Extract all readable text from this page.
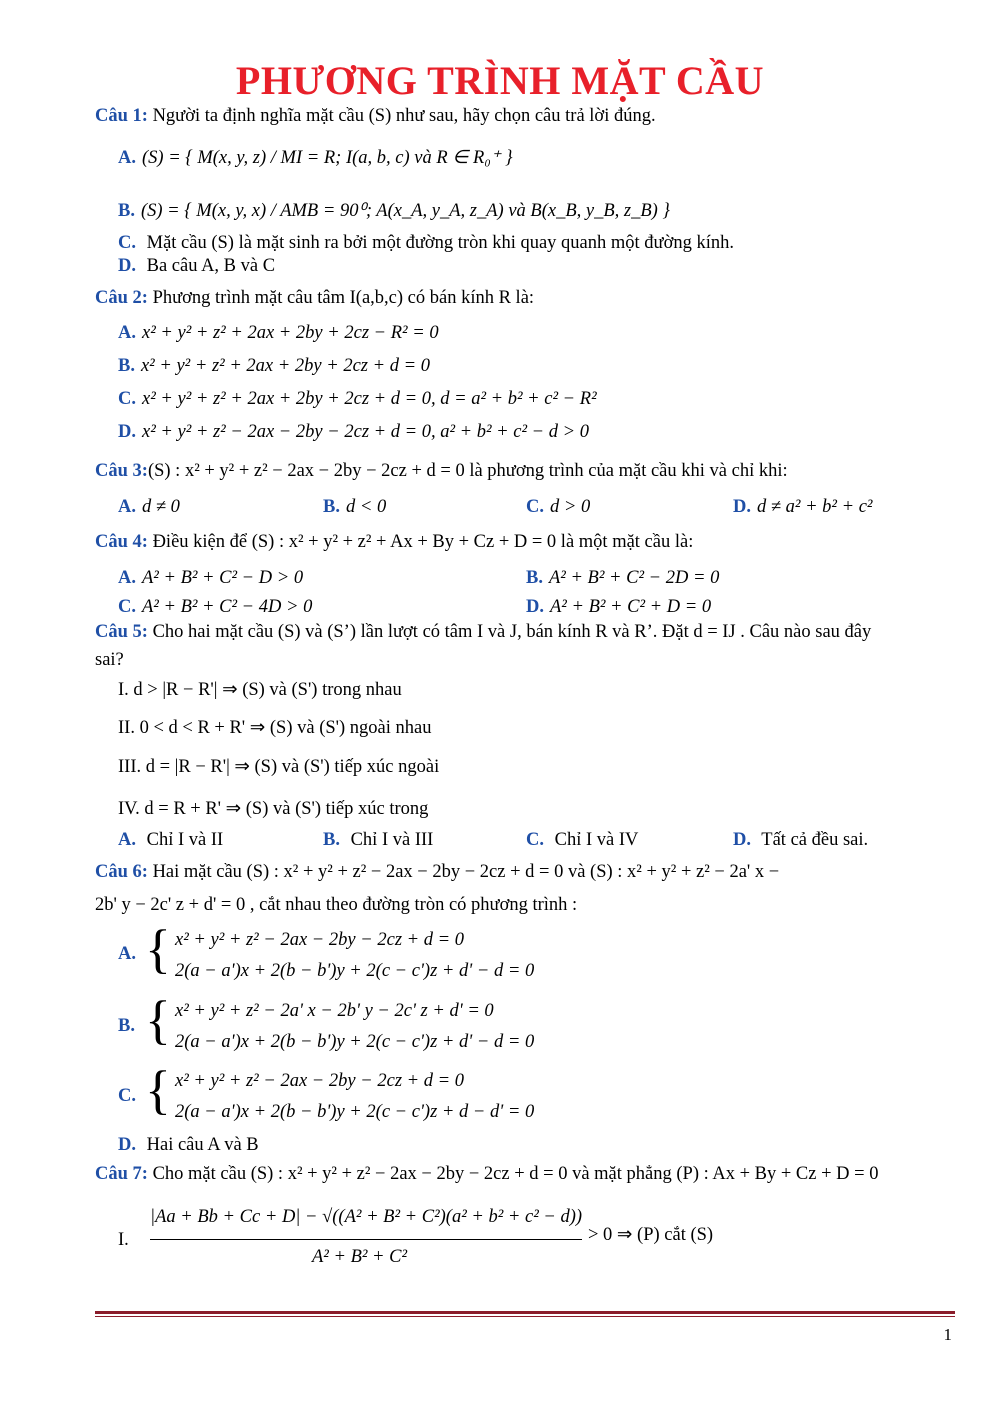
PHƯƠNG TRÌNH MẶT CẦU
Câu 1: Người ta định nghĩa mặt cầu (S) như sau, hãy chọn câu trả lời đúng.
A. (S) = { M(x, y, z) / MI = R; I(a, b, c) và R ∈ R₀⁺ }
B. (S) = { M(x, y, x) / AMB = 90⁰; A(x_A, y_A, z_A) và B(x_B, y_B, z_B) }
C. Mặt cầu (S) là mặt sinh ra bởi một đường tròn khi quay quanh một đường kính.
D. Ba câu A, B và C
Câu 2: Phương trình mặt câu tâm I(a,b,c) có bán kính R là:
A. x² + y² + z² + 2ax + 2by + 2cz − R² = 0
B. x² + y² + z² + 2ax + 2by + 2cz + d = 0
C. x² + y² + z² + 2ax + 2by + 2cz + d = 0, d = a² + b² + c² − R²
D. x² + y² + z² − 2ax − 2by − 2cz + d = 0, a² + b² + c² − d > 0
Câu 3:(S) : x² + y² + z² − 2ax − 2by − 2cz + d = 0 là phương trình của mặt cầu khi và chỉ khi:
A. d ≠ 0	B. d < 0	C. d > 0	D. d ≠ a² + b² + c²
Câu 4: Điều kiện để (S) : x² + y² + z² + Ax + By + Cz + D = 0 là một mặt cầu là:
A. A² + B² + C² − D > 0	B. A² + B² + C² − 2D = 0
C. A² + B² + C² − 4D > 0	D. A² + B² + C² + D = 0
Câu 5: Cho hai mặt cầu (S) và (S’) lần lượt có tâm I và J, bán kính R và R’. Đặt d = IJ . Câu nào sau đây
sai?
I. d > |R − R'| ⇒ (S) và (S') trong nhau
II. 0 < d < R + R' ⇒ (S) và (S') ngoài nhau
III. d = |R − R'| ⇒ (S) và (S') tiếp xúc ngoài
IV. d = R + R' ⇒ (S) và (S') tiếp xúc trong
A. Chỉ I và II	B. Chỉ I và III	C. Chỉ I và IV	D. Tất cả đều sai.
Câu 6: Hai mặt cầu (S) : x² + y² + z² − 2ax − 2by − 2cz + d = 0 và (S) : x² + y² + z² − 2a' x −
2b' y − 2c' z + d' = 0 , cắt nhau theo đường tròn có phương trình :
A. { x² + y² + z² − 2ax − 2by − 2cz + d = 0
2(a − a')x + 2(b − b')y + 2(c − c')z + d' − d = 0
B. { x² + y² + z² − 2a' x − 2b' y − 2c' z + d' = 0
2(a − a')x + 2(b − b')y + 2(c − c')z + d' − d = 0
C. { x² + y² + z² − 2ax − 2by − 2cz + d = 0
2(a − a')x + 2(b − b')y + 2(c − c')z + d − d' = 0
D. Hai câu A và B
Câu 7: Cho mặt cầu (S) : x² + y² + z² − 2ax − 2by − 2cz + d = 0 và mặt phẳng (P) : Ax + By + Cz + D = 0
I.
|Aa + Bb + Cc + D| − √((A² + B² + C²)(a² + b² + c² − d))
A² + B² + C²
> 0 ⇒ (P) cắt (S)
1
